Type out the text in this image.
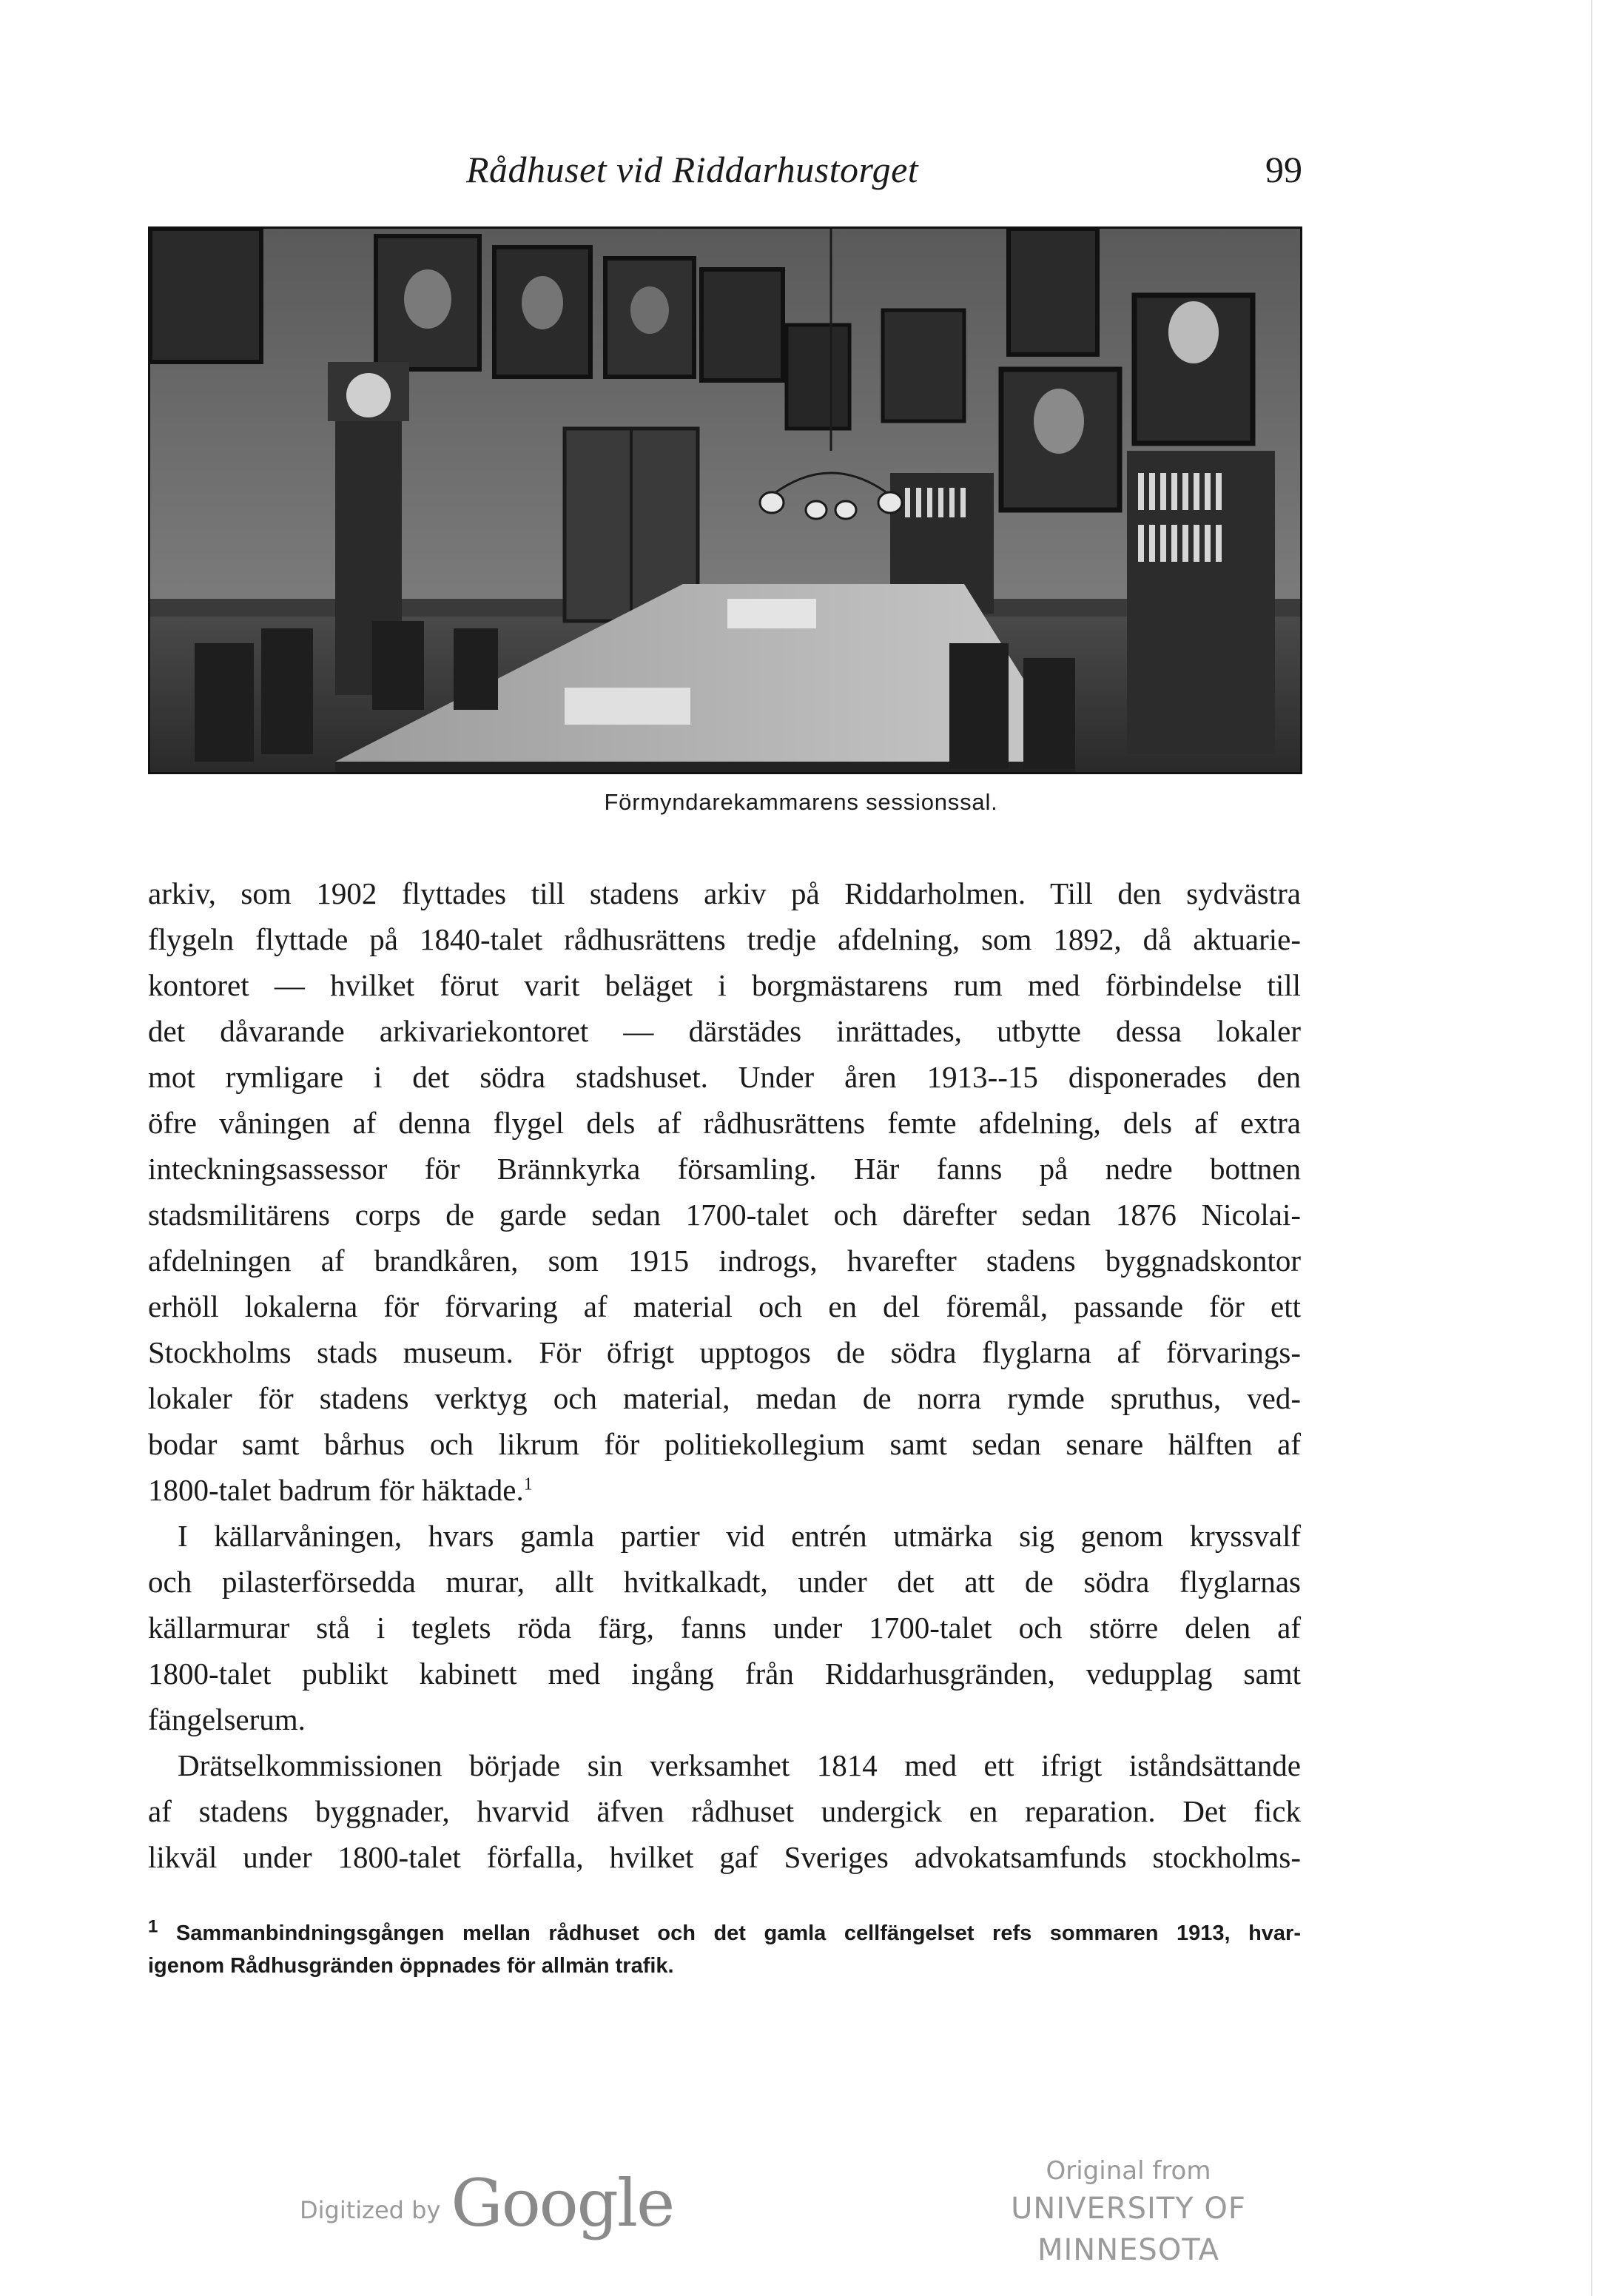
Rådhuset vid Riddarhustorget	99
Förmyndarekammarens sessionssal.
arkiv, som 1902 flyttades till stadens arkiv på Riddarholmen. Till den sydvästra
flygeln flyttade på 1840-talet rådhusrättens tredje afdelning, som 1892, då aktuarie-
kontoret — hvilket förut varit beläget i borgmästarens rum med förbindelse till
det dåvarande arkivariekontoret — därstädes inrättades, utbytte dessa lokaler
mot rymligare i det södra stadshuset. Under åren 1913--15 disponerades den
öfre våningen af denna flygel dels af rådhusrättens femte afdelning, dels af extra
inteckningsassessor för Brännkyrka församling. Här fanns på nedre bottnen
stadsmilitärens corps de garde sedan 1700-talet och därefter sedan 1876 Nicolai-
afdelningen af brandkåren, som 1915 indrogs, hvarefter stadens byggnadskontor
erhöll lokalerna för förvaring af material och en del föremål, passande för ett
Stockholms stads museum. För öfrigt upptogos de södra flyglarna af förvarings-
lokaler för stadens verktyg och material, medan de norra rymde spruthus, ved-
bodar samt bårhus och likrum för politiekollegium samt sedan senare hälften af
1800-talet badrum för häktade.$^1$
I källarvåningen, hvars gamla partier vid entrén utmärka sig genom kryssvalf
och pilasterförsedda murar, allt hvitkalkadt, under det att de södra flyglarnas
källarmurar stå i teglets röda färg, fanns under 1700-talet och större delen af
1800-talet publikt kabinett med ingång från Riddarhusgränden, vedupplag samt
fängelserum.
Drätselkommissionen började sin verksamhet 1814 med ett ifrigt iståndsättande
af stadens byggnader, hvarvid äfven rådhuset undergick en reparation. Det fick
likväl under 1800-talet förfalla, hvilket gaf Sveriges advokatsamfunds stockholms-
$^1$ Sammanbindningsgången mellan rådhuset och det gamla cellfängelset refs sommaren 1913, hvar-
igenom Rådhusgränden öppnades för allmän trafik.
Digitized by Google	Original from
UNIVERSITY OF MINNESOTA
